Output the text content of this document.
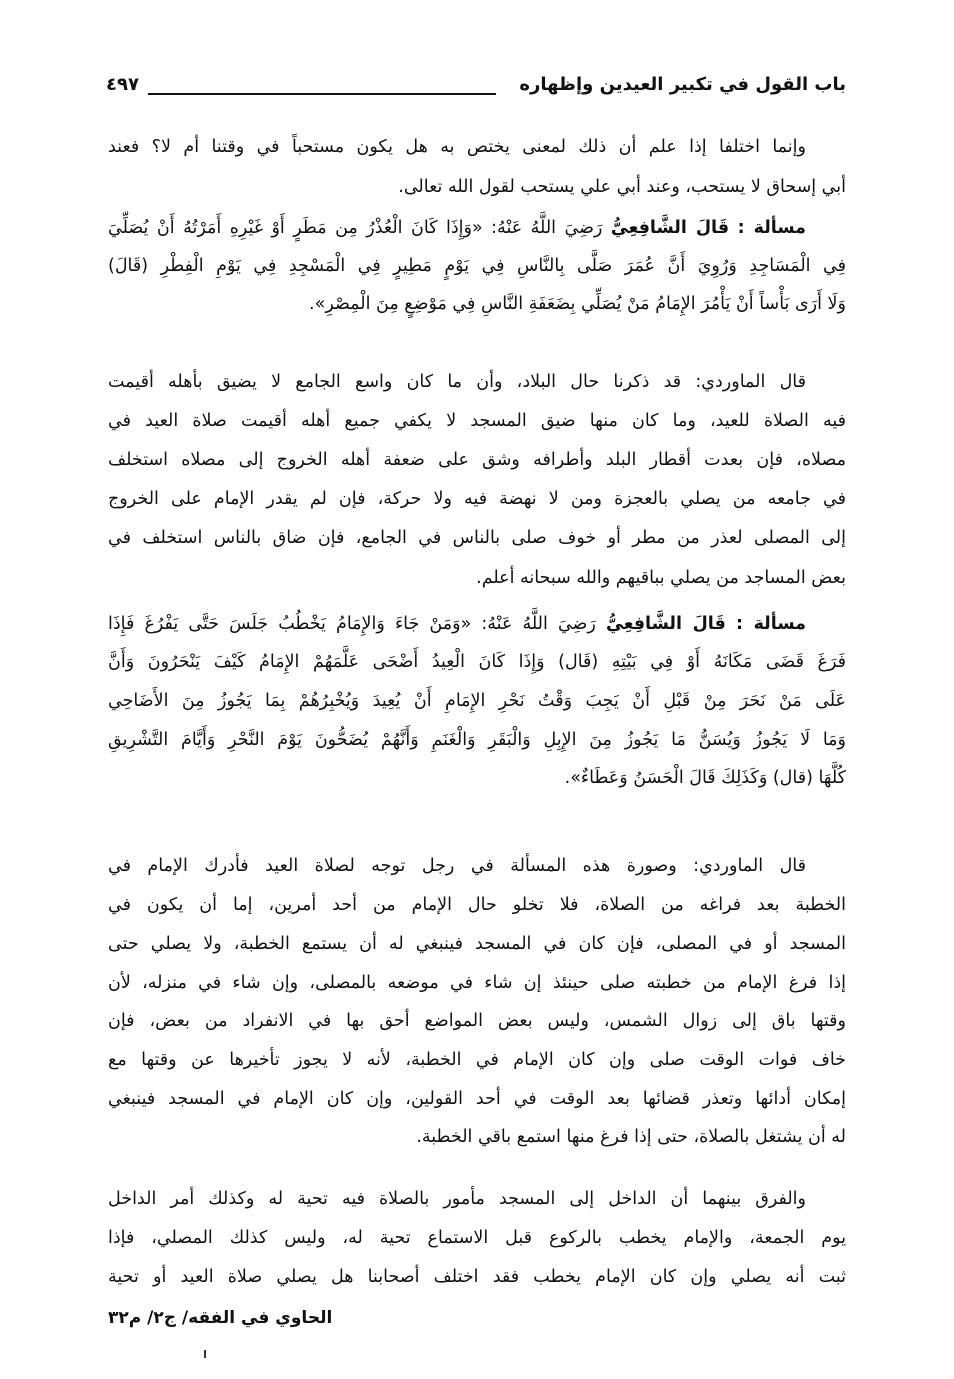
باب القول في تكبير العيدين وإظهاره
٤٩٧
وإنما اختلفا إذا علم أن ذلك لمعنى يختص به هل يكون مستحباً في وقتنا أم لا؟ فعند
أبي إسحاق لا يستحب، وعند أبي علي يستحب لقول الله تعالى.
مسألة : قَالَ الشَّافِعِيُّ رَضِيَ اللَّهُ عَنْهُ: «وَإِذَا كَانَ الْعُذْرُ مِن مَطَرٍ أَوْ غَيْرِهِ أَمَرْتُهُ أَنْ يُصَلِّيَ
فِي الْمَسَاجِدِ وَرُوِيَ أَنَّ عُمَرَ صَلَّى بِالنَّاسِ فِي يَوْمٍ مَطِيرٍ فِي الْمَسْجِدِ فِي يَوْمِ الْفِطْرِ (قَالَ)
وَلَا أَرَى بَأْساً أَنْ يَأْمُرَ الإِمَامُ مَنْ يُصَلِّي بِضَعَفَةِ النَّاسِ فِي مَوْضِعٍ مِنَ الْمِصْرِ».
قال الماوردي: قد ذكرنا حال البلاد، وأن ما كان واسع الجامع لا يضيق بأهله أقيمت
فيه الصلاة للعيد، وما كان منها ضيق المسجد لا يكفي جميع أهله أقيمت صلاة العيد في
مصلاه، فإن بعدت أقطار البلد وأطرافه وشق على ضعفة أهله الخروج إلى مصلاه استخلف
في جامعه من يصلي بالعجزة ومن لا نهضة فيه ولا حركة، فإن لم يقدر الإمام على الخروج
إلى المصلى لعذر من مطر أو خوف صلى بالناس في الجامع، فإن ضاق بالناس استخلف في
بعض المساجد من يصلي بباقيهم والله سبحانه أعلم.
مسألة : قَالَ الشَّافِعِيُّ رَضِيَ اللَّهُ عَنْهُ: «وَمَنْ جَاءَ وَالإِمَامُ يَخْطُبُ جَلَسَ حَتَّى يَفْرُغَ فَإِذَا
فَرَغَ قَضَى مَكَانَهُ أَوْ فِي بَيْتِهِ (قَال) وَإِذَا كَانَ الْعِيدُ أَضْحَى عَلَّمَهُمْ الإِمَامُ كَيْفَ يَنْحَرُونَ وَأَنَّ
عَلَى مَنْ نَحَرَ مِنْ قَبْلِ أَنْ يَجِبَ وَقْتُ نَحْرِ الإِمَامِ أَنْ يُعِيدَ وَيُخْبِرُهُمْ بِمَا يَجُوزُ مِنَ الأَضَاحِي
وَمَا لَا يَجُوزُ وَيُسَنُّ مَا يَجُوزُ مِنَ الإِبِلِ وَالْبَقَرِ وَالْغَنَمِ وَأَنَّهُمْ يُضَحُّونَ يَوْمَ النَّحْرِ وَأَيَّامَ التَّشْرِيقِ
كُلَّهَا (قال) وَكَذَلِكَ قَالَ الْحَسَنُ وَعَطَاءٌ».
قال الماوردي: وصورة هذه المسألة في رجل توجه لصلاة العيد فأدرك الإمام في
الخطبة بعد فراغه من الصلاة، فلا تخلو حال الإمام من أحد أمرين، إما أن يكون في
المسجد أو في المصلى، فإن كان في المسجد فينبغي له أن يستمع الخطبة، ولا يصلي حتى
إذا فرغ الإمام من خطبته صلى حينئذ إن شاء في موضعه بالمصلى، وإن شاء في منزله، لأن
وقتها باق إلى زوال الشمس، وليس بعض المواضع أحق بها في الانفراد من بعض، فإن
خاف فوات الوقت صلى وإن كان الإمام في الخطبة، لأنه لا يجوز تأخيرها عن وقتها مع
إمكان أدائها وتعذر قضائها بعد الوقت في أحد القولين، وإن كان الإمام في المسجد فينبغي
له أن يشتغل بالصلاة، حتى إذا فرغ منها استمع باقي الخطبة.
والفرق بينهما أن الداخل إلى المسجد مأمور بالصلاة فيه تحية له وكذلك أمر الداخل
يوم الجمعة، والإمام يخطب بالركوع قبل الاستماع تحية له، وليس كذلك المصلي، فإذا
ثبت أنه يصلي وإن كان الإمام يخطب فقد اختلف أصحابنا هل يصلي صلاة العيد أو تحية
الحاوي في الفقه/ ج٢/ م٣٢
